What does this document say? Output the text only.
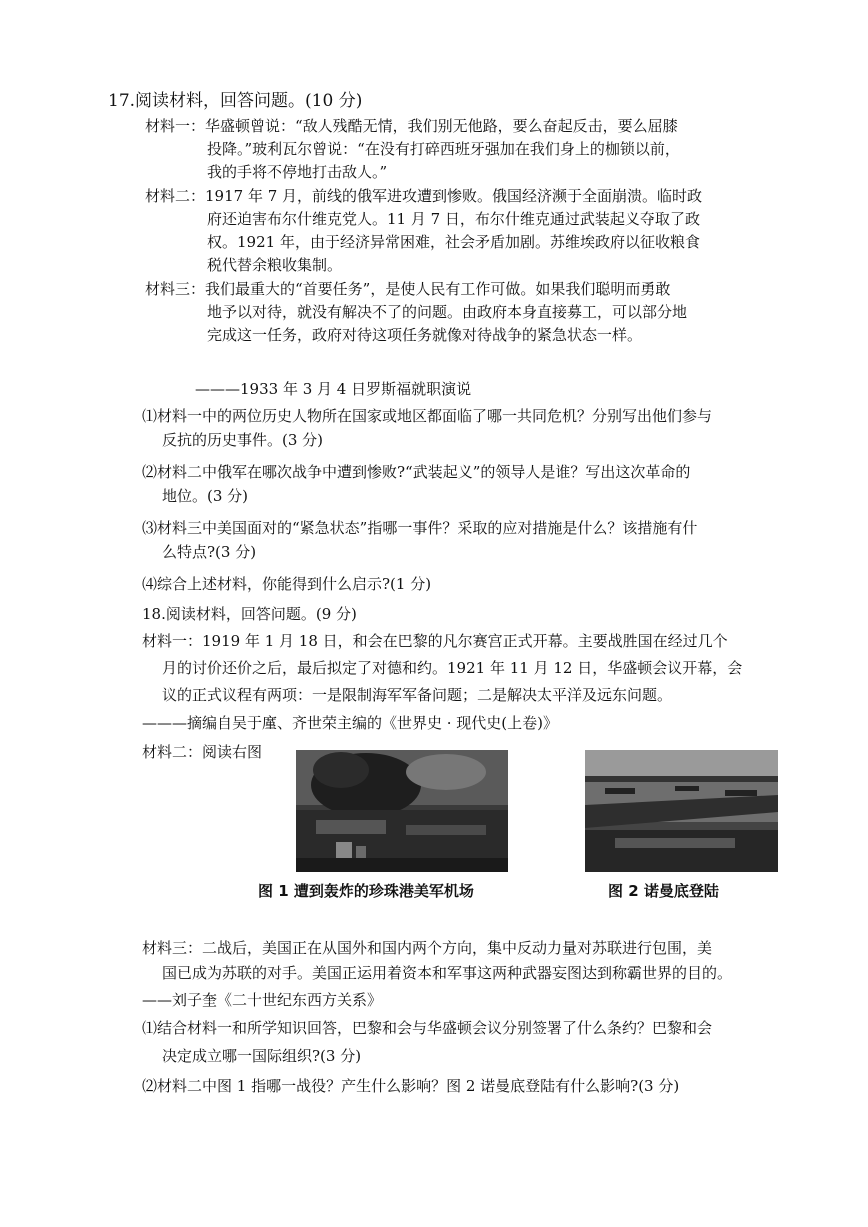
17.阅读材料，回答问题。(10 分)
材料一：华盛顿曾说：“敌人残酷无情，我们别无他路，要么奋起反击，要么屈膝
投降。”玻利瓦尔曾说：“在没有打碎西班牙强加在我们身上的枷锁以前，
我的手将不停地打击敌人。”
材料二：1917 年 7 月，前线的俄军进攻遭到惨败。俄国经济濒于全面崩溃。临时政
府还迫害布尔什维克党人。11 月 7 日，布尔什维克通过武装起义夺取了政
权。1921 年，由于经济异常困难，社会矛盾加剧。苏维埃政府以征收粮食
税代替余粮收集制。
材料三：我们最重大的“首要任务”，是使人民有工作可做。如果我们聪明而勇敢
地予以对待，就没有解决不了的问题。由政府本身直接募工，可以部分地
完成这一任务，政府对待这项任务就像对待战争的紧急状态一样。
———1933 年 3 月 4 日罗斯福就职演说
⑴材料一中的两位历史人物所在国家或地区都面临了哪一共同危机？分别写出他们参与
反抗的历史事件。(3 分)
⑵材料二中俄军在哪次战争中遭到惨败?“武装起义”的领导人是谁？写出这次革命的
地位。(3 分)
⑶材料三中美国面对的“紧急状态”指哪一事件？采取的应对措施是什么？该措施有什
么特点?(3 分)
⑷综合上述材料，你能得到什么启示?(1 分)
18.阅读材料，回答问题。(9 分)
材料一：1919 年 1 月 18 日，和会在巴黎的凡尔赛宫正式开幕。主要战胜国在经过几个
月的讨价还价之后，最后拟定了对德和约。1921 年 11 月 12 日，华盛顿会议开幕，会
议的正式议程有两项：一是限制海军军备问题；二是解决太平洋及远东问题。
———摘编自吴于廑、齐世荣主编的《世界史 · 现代史(上卷)》
材料二：阅读右图
图 1 遭到轰炸的珍珠港美军机场	图 2 诺曼底登陆
材料三：二战后，美国正在从国外和国内两个方向，集中反动力量对苏联进行包围，美
国已成为苏联的对手。美国正运用着资本和军事这两种武器妄图达到称霸世界的目的。
——刘子奎《二十世纪东西方关系》
⑴结合材料一和所学知识回答，巴黎和会与华盛顿会议分别签署了什么条约？巴黎和会
决定成立哪一国际组织?(3 分)
⑵材料二中图 1 指哪一战役？产生什么影响？图 2 诺曼底登陆有什么影响?(3 分)
